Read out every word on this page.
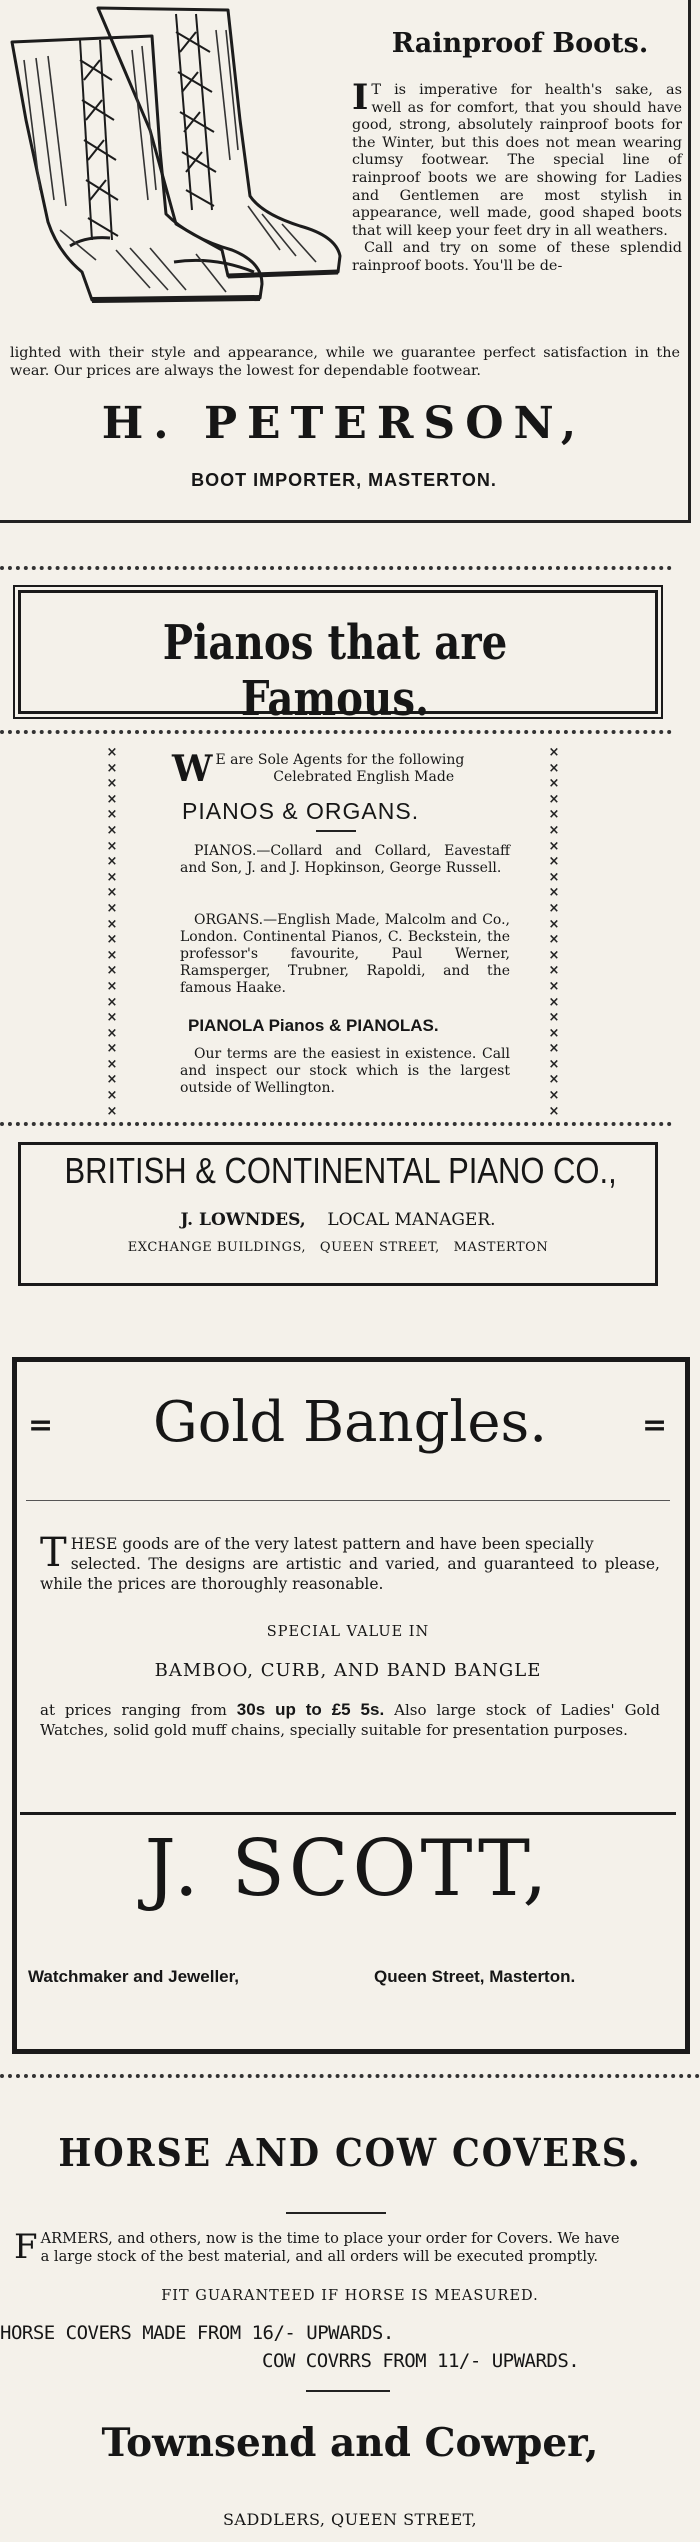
Rainproof Boots.
I T is imperative for health's sake, as
well as for comfort, that you should have good, strong, absolutely rainproof boots for the Winter, but this does not mean wearing clumsy footwear. The special line of rainproof boots we are showing for Ladies and Gentlemen are most stylish in appearance, well made, good shaped boots that will keep your feet dry in all weathers.
Call and try on some of these splendid rainproof boots. You'll be de-
lighted with their style and appearance, while we guarantee perfect satisfaction in the wear. Our prices are always the lowest for dependable footwear.
H. PETERSON,
BOOT IMPORTER, MASTERTON.
Pianos that are Famous.
×
×
×
×
×
×
×
×
×
×
×
×
×
×
×
×
×
×
×
×
×
×
×
×
×
×
×
×
×
×
×
×
×
×
×
×
×
×
×
×
×
×
×
×
×
×
×
×
W E are Sole Agents for the following
Celebrated English Made
PIANOS & ORGANS.
PIANOS.—Collard and Collard, Eavestaff and Son, J. and J. Hopkinson, George Russell.
ORGANS.—English Made, Malcolm and Co., London. Continental Pianos, C. Beckstein, the professor's favourite, Paul Werner, Ramsperger, Trubner, Rapoldi, and the famous Haake.
PIANOLA Pianos & PIANOLAS.
Our terms are the easiest in existence. Call and inspect our stock which is the largest outside of Wellington.
BRITISH & CONTINENTAL PIANO CO.,
J. LOWNDES, LOCAL MANAGER.
EXCHANGE BUILDINGS,   QUEEN STREET,   MASTERTON
=	=
Gold Bangles.
T HESE goods are of the very latest pattern and have been specially
selected. The designs are artistic and varied, and guaranteed to please, while the prices are thoroughly reasonable.
SPECIAL VALUE IN
BAMBOO, CURB, AND BAND BANGLE
at prices ranging from 30s up to £5 5s. Also large stock of Ladies' Gold Watches, solid gold muff chains, specially suitable for presentation purposes.
J. SCOTT,
Watchmaker and Jeweller,	Queen Street, Masterton.
HORSE AND COW COVERS.
F ARMERS, and others, now is the time to place your order for Covers. We have
a large stock of the best material, and all orders will be executed promptly.
FIT GUARANTEED IF HORSE IS MEASURED.
HORSE COVERS MADE FROM 16/- UPWARDS.
COW COVRRS FROM 11/- UPWARDS.
Townsend and Cowper,
SADDLERS, QUEEN STREET,
